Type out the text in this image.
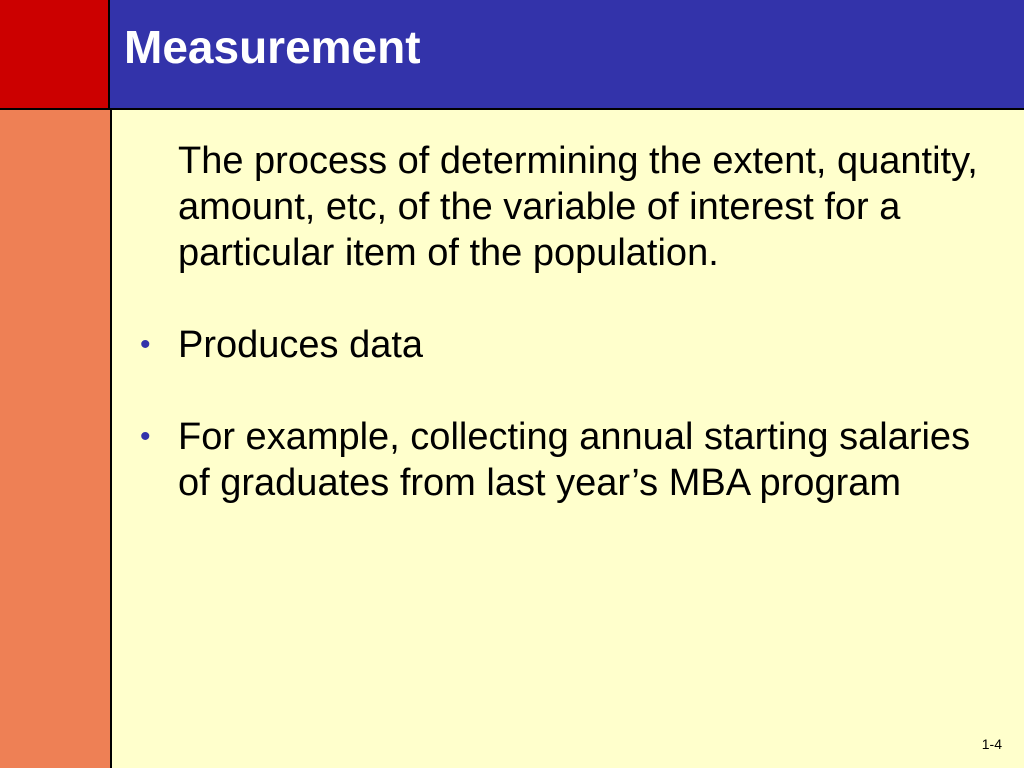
Measurement

The process of determining the extent, quantity, amount, etc, of the variable of interest for a particular item of the population.

• Produces data
• For example, collecting annual starting salaries of graduates from last year’s MBA program
1-4
